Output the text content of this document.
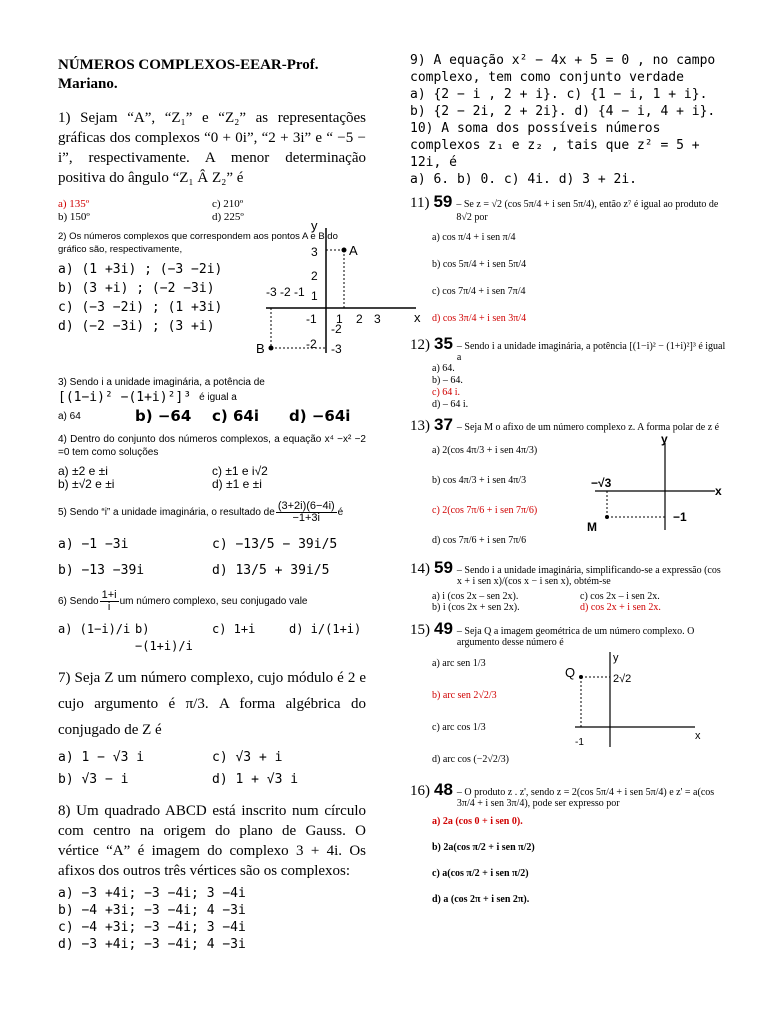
NÚMEROS COMPLEXOS-EEAR-Prof. Mariano.
1) Sejam “A”, “Z₁” e “Z₂” as representações gráficas dos complexos “0 + 0i”, “2 + 3i” e “ −5 − i”, respectivamente. A menor determinação positiva do ângulo “Z₁ Â Z₂” é
a) 135º
b) 150º
c) 210º
d) 225º
2) Os números complexos que correspondem aos pontos A e B do gráfico são, respectivamente,
a) (1 +3i) ; (−3 −2i)
b) (3 +i) ; (−2 −3i)
c) (−3 −2i) ; (1 +3i)
d) (−2 −3i) ; (3 +i)
y
x
3
2
1
-2
-2
-3
-3 -2 -1
-1 1 2 3
A
B
3) Sendo i a unidade imaginária, a potência de
[(1−i)² −(1+i)²]³ é igual a
a) 64	b) −64	c) 64i	d) −64i
4) Dentro do conjunto dos números complexos, a equação x⁴ −x² −2 =0 tem como soluções
a) ±2 e ±i
b) ±√2 e ±i
c) ±1 e i√2
d) ±1 e ±i
5) Sendo “i” a unidade imaginária, o resultado de $\frac{(3+2i)(6-4i)}{-1+3i}$ é
a) −1 −3i
b) −13 −39i
c) −13/5 − 39i/5
d) 13/5 + 39i/5
6) Sendo $\frac{1+i}{i}$ um número complexo, seu conjugado vale
a) (1−i)/i b) −(1+i)/i
c) 1+i	d) i/(1+i)
7) Seja Z um número complexo, cujo módulo é 2 e cujo argumento é π/3. A forma algébrica do conjugado de Z é
a) 1 − √3 i
b) √3 − i
c) √3 + i
d) 1 + √3 i
8) Um quadrado ABCD está inscrito num círculo com centro na origem do plano de Gauss. O vértice “A” é imagem do complexo 3 + 4i. Os afixos dos outros três vértices são os complexos:
a) −3 +4i; −3 −4i; 3 −4i
b) −4 +3i; −3 −4i; 4 −3i
c) −4 +3i; −3 −4i; 3 −4i
d) −3 +4i; −3 −4i; 4 −3i
9) A equação x² − 4x + 5 = 0 , no campo complexo, tem como conjunto verdade
a) {2 − i , 2 + i}. c) {1 − i, 1 + i}.
b) {2 − 2i, 2 + 2i}. d) {4 − i, 4 + i}.
10) A soma dos possíveis números complexos z₁ e z₂ , tais que z² = 5 + 12i, é
a) 6. b) 0. c) 4i. d) 3 + 2i.
11) 59 – Se z = √2 (cos 5π/4 + i sen 5π/4), então z⁷ é igual ao produto de 8√2 por
a) cos π/4 + i sen π/4
b) cos 5π/4 + i sen 5π/4
c) cos 7π/4 + i sen 7π/4
d) cos 3π/4 + i sen 3π/4
12) 35 – Sendo i a unidade imaginária, a potência [(1−i)² − (1+i)²]³ é igual a
a) 64.
b) – 64.
c) 64 i.
d) – 64 i.
13) 37 – Seja M o afixo de um número complexo z. A forma polar de z é
a) 2(cos 4π/3 + i sen 4π/3)
b) cos 4π/3 + i sen 4π/3
c) 2(cos 7π/6 + i sen 7π/6)
d) cos 7π/6 + i sen 7π/6
y
x
M
−√3
−1
14) 59 – Sendo i a unidade imaginária, simplificando-se a expressão (cos x + i sen x)/(cos x − i sen x), obtém-se
a) i (cos 2x – sen 2x).
b) i (cos 2x + sen 2x).
c) cos 2x – i sen 2x.
d) cos 2x + i sen 2x.
15) 49 – Seja Q a imagem geométrica de um número complexo. O argumento desse número é
a) arc sen 1/3
b) arc sen 2√2/3
c) arc cos 1/3
d) arc cos (−2√2/3)
y
x
Q	2√2
-1
16) 48 – O produto z . z', sendo z = 2(cos 5π/4 + i sen 5π/4) e z' = a(cos 3π/4 + i sen 3π/4), pode ser expresso por
a) 2a (cos 0 + i sen 0).
b) 2a(cos π/2 + i sen π/2)
c) a(cos π/2 + i sen π/2)
d) a (cos 2π + i sen 2π).
